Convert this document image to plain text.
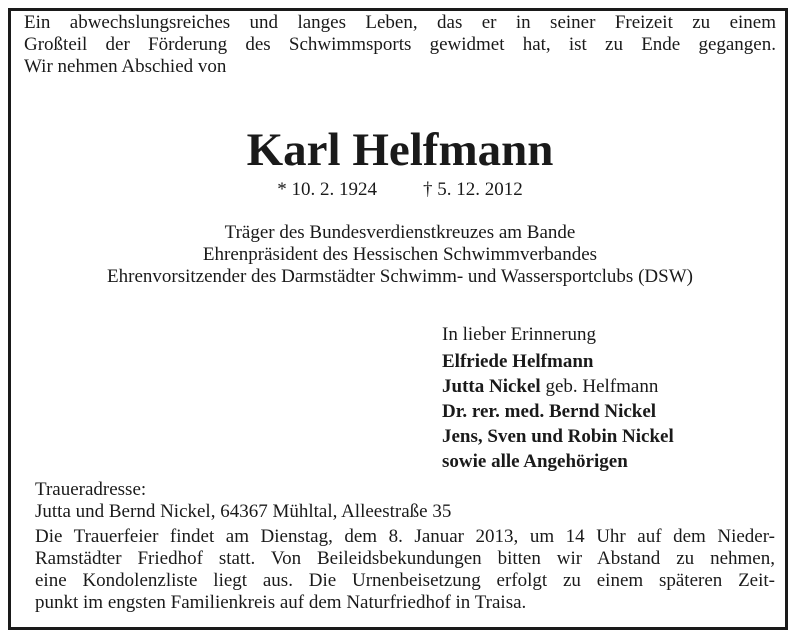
Ein abwechslungsreiches und langes Leben, das er in seiner Freizeit zu einem
Großteil der Förderung des Schwimmsports gewidmet hat, ist zu Ende gegangen.
Wir nehmen Abschied von
Karl Helfmann
* 10. 2. 1924 † 5. 12. 2012
Träger des Bundesverdienstkreuzes am Bande
Ehrenpräsident des Hessischen Schwimmverbandes
Ehrenvorsitzender des Darmstädter Schwimm- und Wassersportclubs (DSW)
In lieber Erinnerung
Elfriede Helfmann
Jutta Nickel geb. Helfmann
Dr. rer. med. Bernd Nickel
Jens, Sven und Robin Nickel
sowie alle Angehörigen
Traueradresse:
Jutta und Bernd Nickel, 64367 Mühltal, Alleestraße 35
Die Trauerfeier findet am Dienstag, dem 8. Januar 2013, um 14 Uhr auf dem Nieder-
Ramstädter Friedhof statt. Von Beileidsbekundungen bitten wir Abstand zu nehmen,
eine Kondolenzliste liegt aus. Die Urnenbeisetzung erfolgt zu einem späteren Zeit-
punkt im engsten Familienkreis auf dem Naturfriedhof in Traisa.
